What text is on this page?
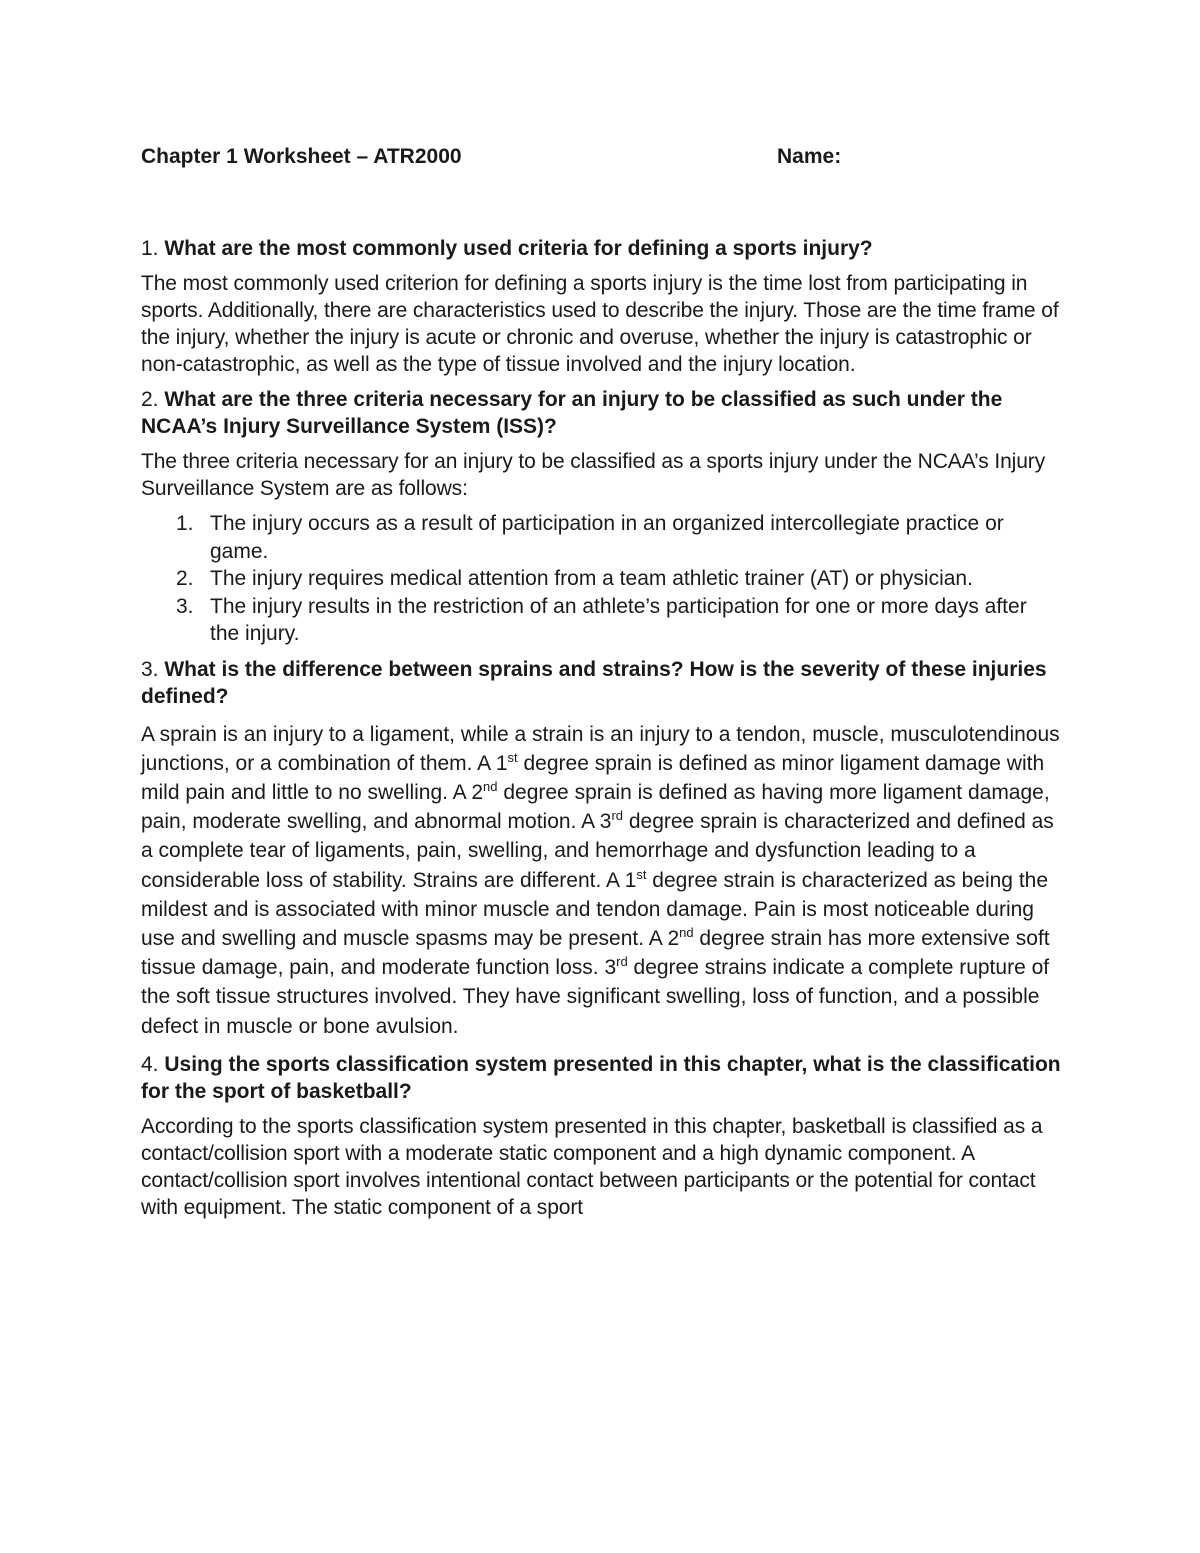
Chapter 1 Worksheet – ATR2000	Name:

1. What are the most commonly used criteria for defining a sports injury?

The most commonly used criterion for defining a sports injury is the time lost from participating in sports. Additionally, there are characteristics used to describe the injury. Those are the time frame of the injury, whether the injury is acute or chronic and overuse, whether the injury is catastrophic or non-catastrophic, as well as the type of tissue involved and the injury location.

2. What are the three criteria necessary for an injury to be classified as such under the NCAA’s Injury Surveillance System (ISS)?

The three criteria necessary for an injury to be classified as a sports injury under the NCAA’s Injury Surveillance System are as follows:

1. The injury occurs as a result of participation in an organized intercollegiate practice or game.
2. The injury requires medical attention from a team athletic trainer (AT) or physician.
3. The injury results in the restriction of an athlete’s participation for one or more days after the injury.

3. What is the difference between sprains and strains? How is the severity of these injuries defined?

A sprain is an injury to a ligament, while a strain is an injury to a tendon, muscle, musculotendinous junctions, or a combination of them. A 1st degree sprain is defined as minor ligament damage with mild pain and little to no swelling. A 2nd degree sprain is defined as having more ligament damage, pain, moderate swelling, and abnormal motion. A 3rd degree sprain is characterized and defined as a complete tear of ligaments, pain, swelling, and hemorrhage and dysfunction leading to a considerable loss of stability. Strains are different. A 1st degree strain is characterized as being the mildest and is associated with minor muscle and tendon damage. Pain is most noticeable during use and swelling and muscle spasms may be present. A 2nd degree strain has more extensive soft tissue damage, pain, and moderate function loss. 3rd degree strains indicate a complete rupture of the soft tissue structures involved. They have significant swelling, loss of function, and a possible defect in muscle or bone avulsion.

4. Using the sports classification system presented in this chapter, what is the classification for the sport of basketball?

According to the sports classification system presented in this chapter, basketball is classified as a contact/collision sport with a moderate static component and a high dynamic component. A contact/collision sport involves intentional contact between participants or the potential for contact with equipment. The static component of a sport
